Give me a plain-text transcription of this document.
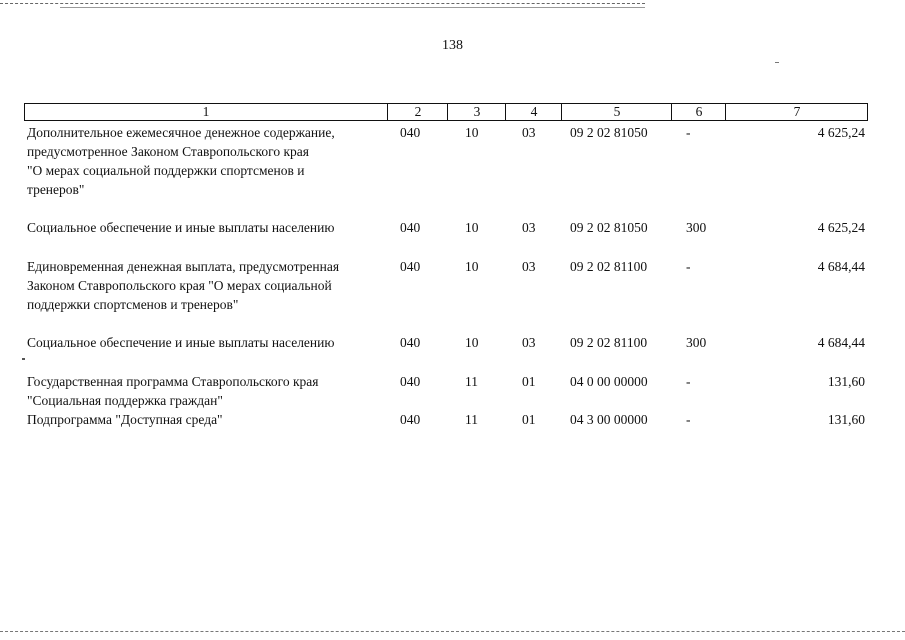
138
1	2	3	4	5	6	7
Дополнительное ежемесячное денежное содержание,
предусмотренное Законом Ставропольского края
"О мерах социальной поддержки спортсменов и
тренеров"
040	10	03	09 2 02 81050	-	4 625,24
Социальное обеспечение и иные выплаты населению	040	10	03	09 2 02 81050	300	4 625,24
Единовременная денежная выплата, предусмотренная
Законом Ставропольского края "О мерах социальной
поддержки спортсменов и тренеров"
040	10	03	09 2 02 81100	-	4 684,44
Социальное обеспечение и иные выплаты населению	040	10	03	09 2 02 81100	300	4 684,44
Государственная программа Ставропольского края
"Социальная поддержка граждан"
040	11	01	04 0 00 00000	-	131,60
Подпрограмма "Доступная среда"	040	11	01	04 3 00 00000	-	131,60
